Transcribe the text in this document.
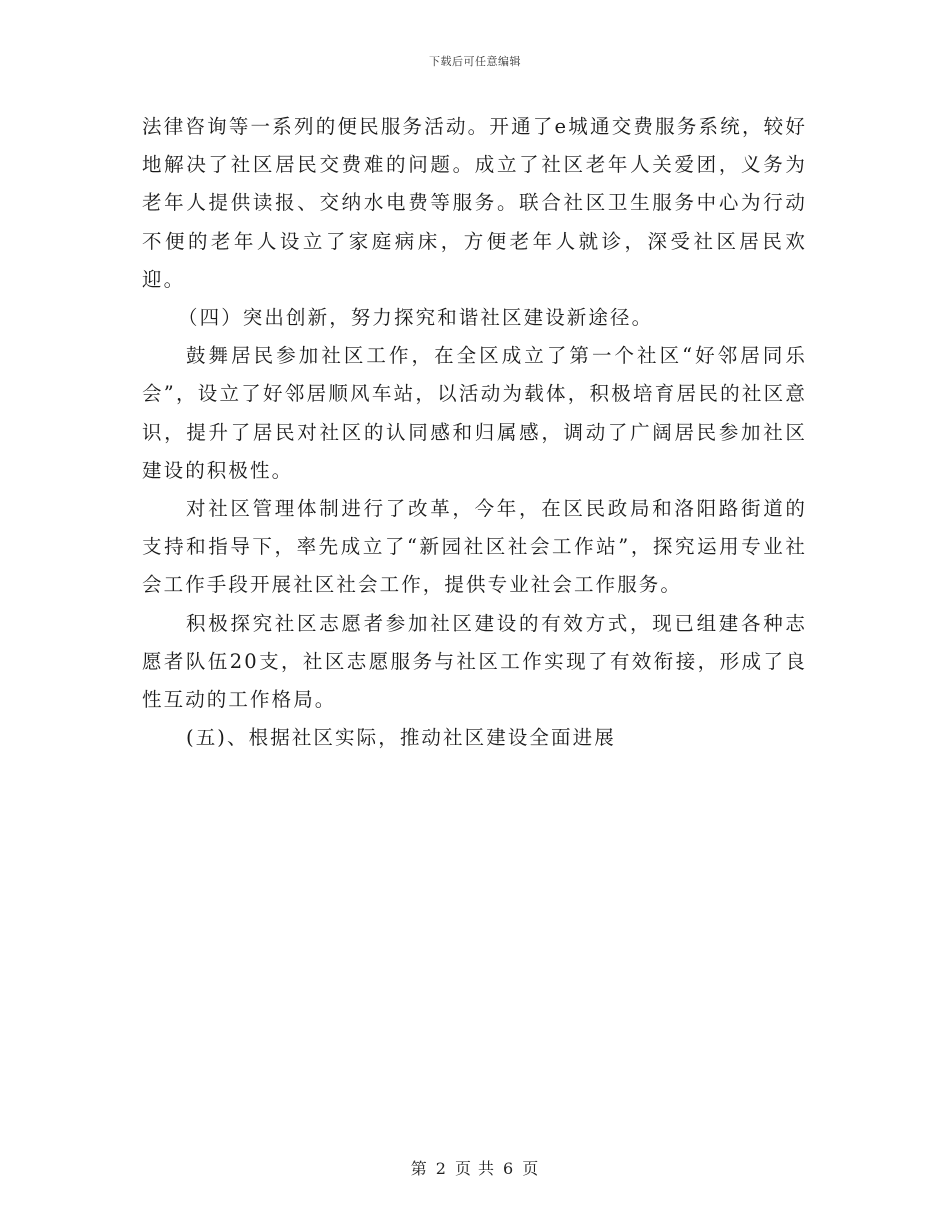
下载后可任意编辑

法律咨询等一系列的便民服务活动。开通了e城通交费服务系统，较好地解决了社区居民交费难的问题。成立了社区老年人关爱团，义务为老年人提供读报、交纳水电费等服务。联合社区卫生服务中心为行动不便的老年人设立了家庭病床，方便老年人就诊，深受社区居民欢迎。

（四）突出创新，努力探究和谐社区建设新途径。

鼓舞居民参加社区工作，在全区成立了第一个社区“好邻居同乐会”，设立了好邻居顺风车站，以活动为载体，积极培育居民的社区意识，提升了居民对社区的认同感和归属感，调动了广阔居民参加社区建设的积极性。

对社区管理体制进行了改革，今年，在区民政局和洛阳路街道的支持和指导下，率先成立了“新园社区社会工作站”，探究运用专业社会工作手段开展社区社会工作，提供专业社会工作服务。

积极探究社区志愿者参加社区建设的有效方式，现已组建各种志愿者队伍20支，社区志愿服务与社区工作实现了有效衔接，形成了良性互动的工作格局。

(五)、根据社区实际，推动社区建设全面进展

第 2 页 共 6 页
